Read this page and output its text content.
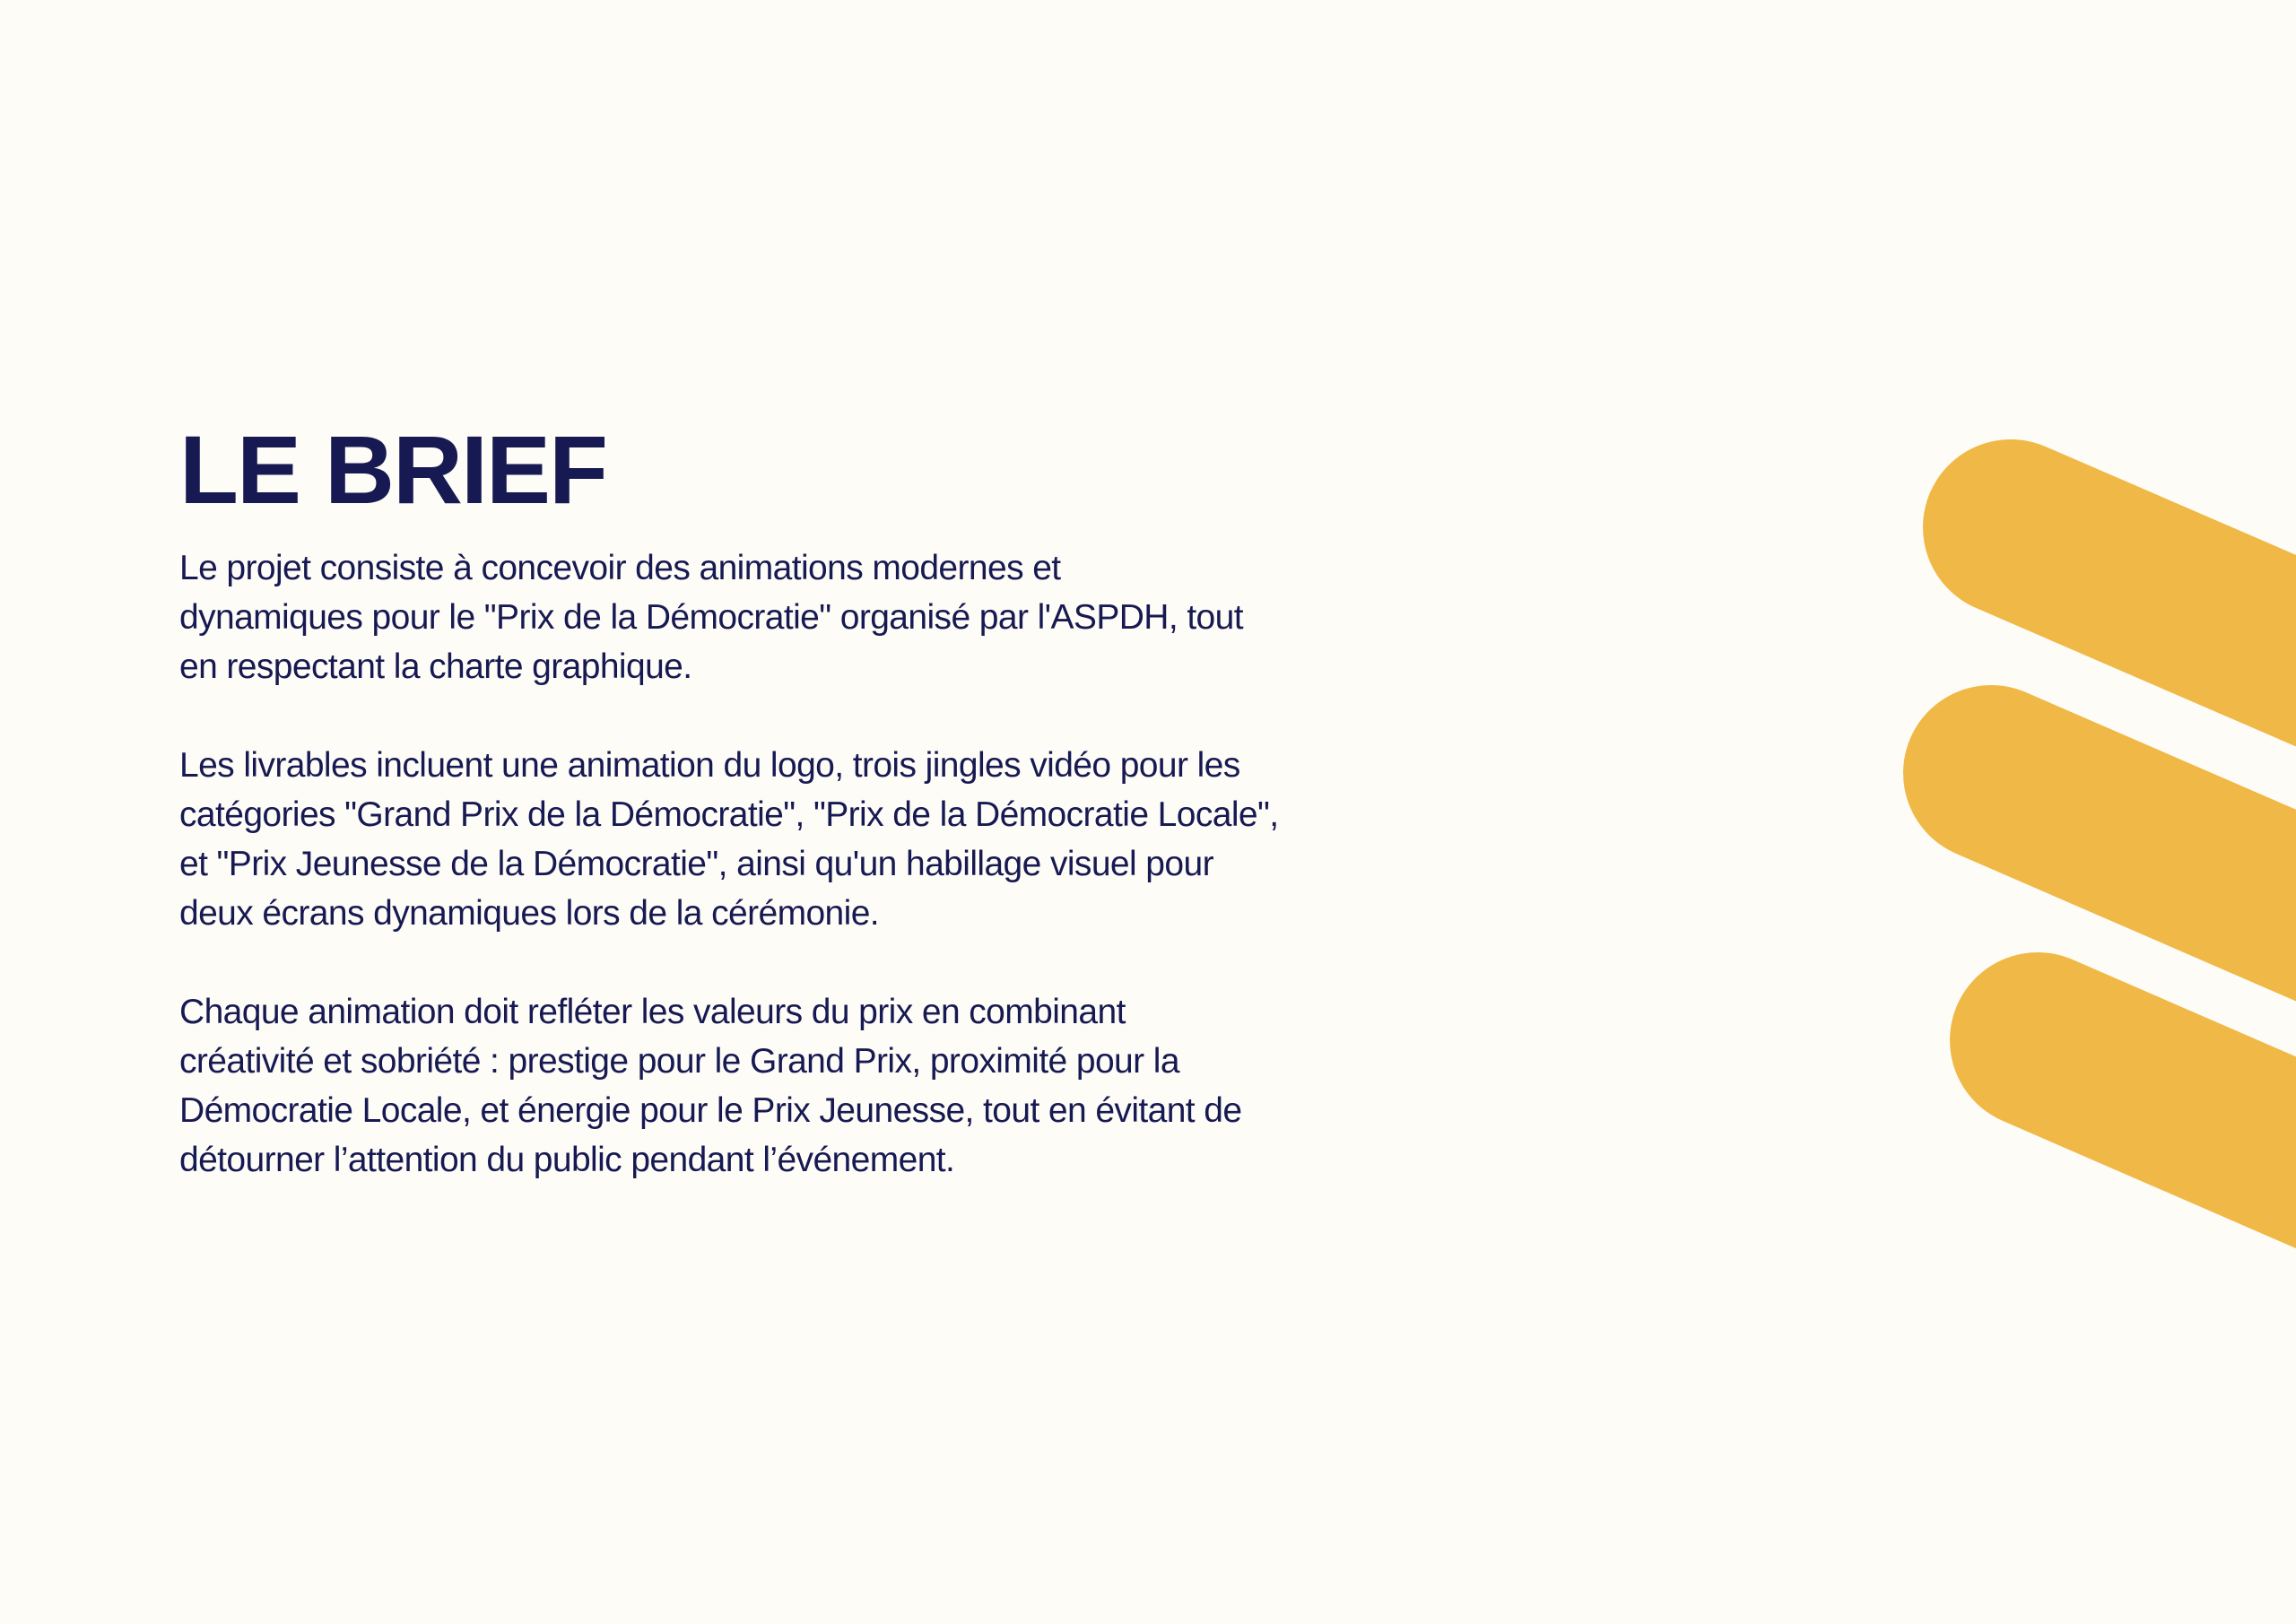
LE BRIEF

Le projet consiste à concevoir des animations modernes et
dynamiques pour le "Prix de la Démocratie" organisé par l'ASPDH, tout
en respectant la charte graphique.

Les livrables incluent une animation du logo, trois jingles vidéo pour les
catégories "Grand Prix de la Démocratie", "Prix de la Démocratie Locale",
et "Prix Jeunesse de la Démocratie", ainsi qu'un habillage visuel pour
deux écrans dynamiques lors de la cérémonie.

Chaque animation doit refléter les valeurs du prix en combinant
créativité et sobriété : prestige pour le Grand Prix, proximité pour la
Démocratie Locale, et énergie pour le Prix Jeunesse, tout en évitant de
détourner l’attention du public pendant l’événement.
